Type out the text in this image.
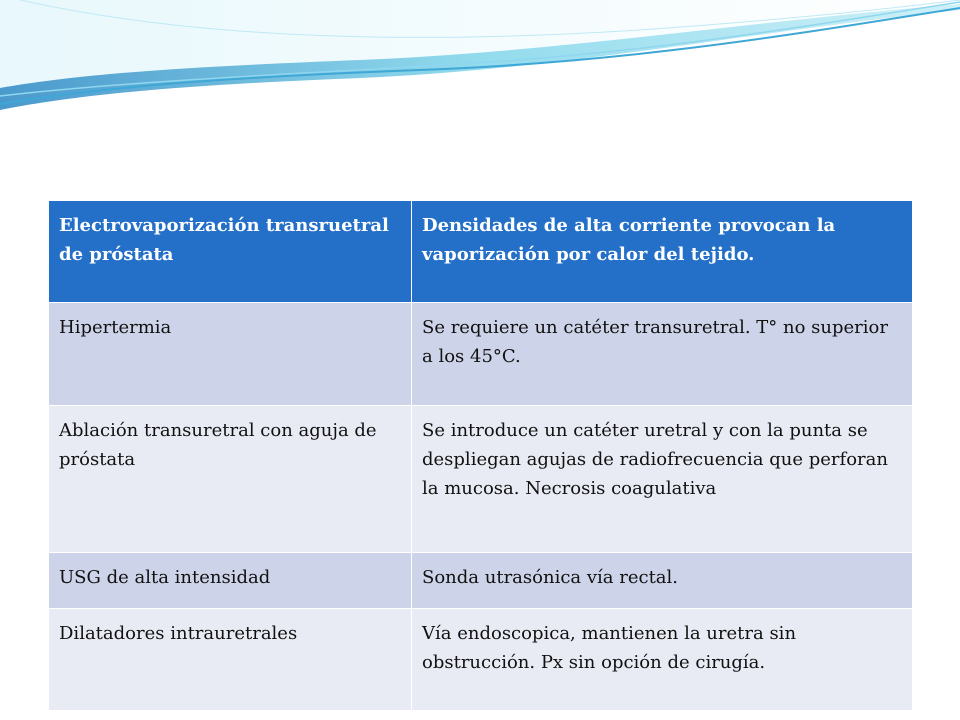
Electrovaporización transruetral de próstata	Densidades de alta corriente provocan la vaporización por calor del tejido.
Hipertermia	Se requiere un catéter transuretral. T° no superior a los 45°C.
Ablación transuretral con aguja de próstata	Se introduce un catéter uretral y con la punta se despliegan agujas de radiofrecuencia que perforan la mucosa. Necrosis coagulativa
USG de alta intensidad	Sonda utrasónica vía rectal.
Dilatadores intrauretrales	Vía endoscopica, mantienen la uretra sin obstrucción. Px sin opción de cirugía.
